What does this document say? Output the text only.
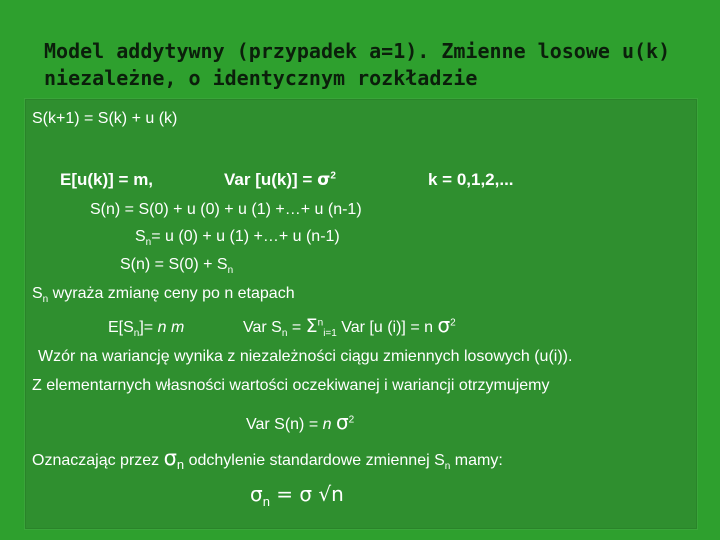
Model addytywny (przypadek a=1). Zmienne losowe u(k) niezależne, o identycznym rozkładzie
S(k+1) = S(k) + u (k)
E[u(k)] = m,	Var $[u(k)] = \sigma^2$	k = 0,1,2,...
S(n) = S(0) + u (0) + u (1) +…+ u (n-1)
$S_n= u$ (0) + u (1) +…+ u (n-1)
$S(n) = S(0) + S_n$
$S_n$ wyraża zmianę ceny po n etapach
$E[S_n]= n$ m	Var $S_n = \Sigma^n_{i=1}$ Var [u (i)] = n $\sigma^2$
Wzór na wariancję wynika z niezależności ciągu zmiennych losowych (u(i)).
Z elementarnych własności wartości oczekiwanej i wariancji otrzymujemy
Var S(n) = n $\sigma^2$
Oznaczając przez $\sigma_n$ odchylenie standardowe zmiennej $S_n$ mamy:
$\sigma_n = \sigma$ √n
